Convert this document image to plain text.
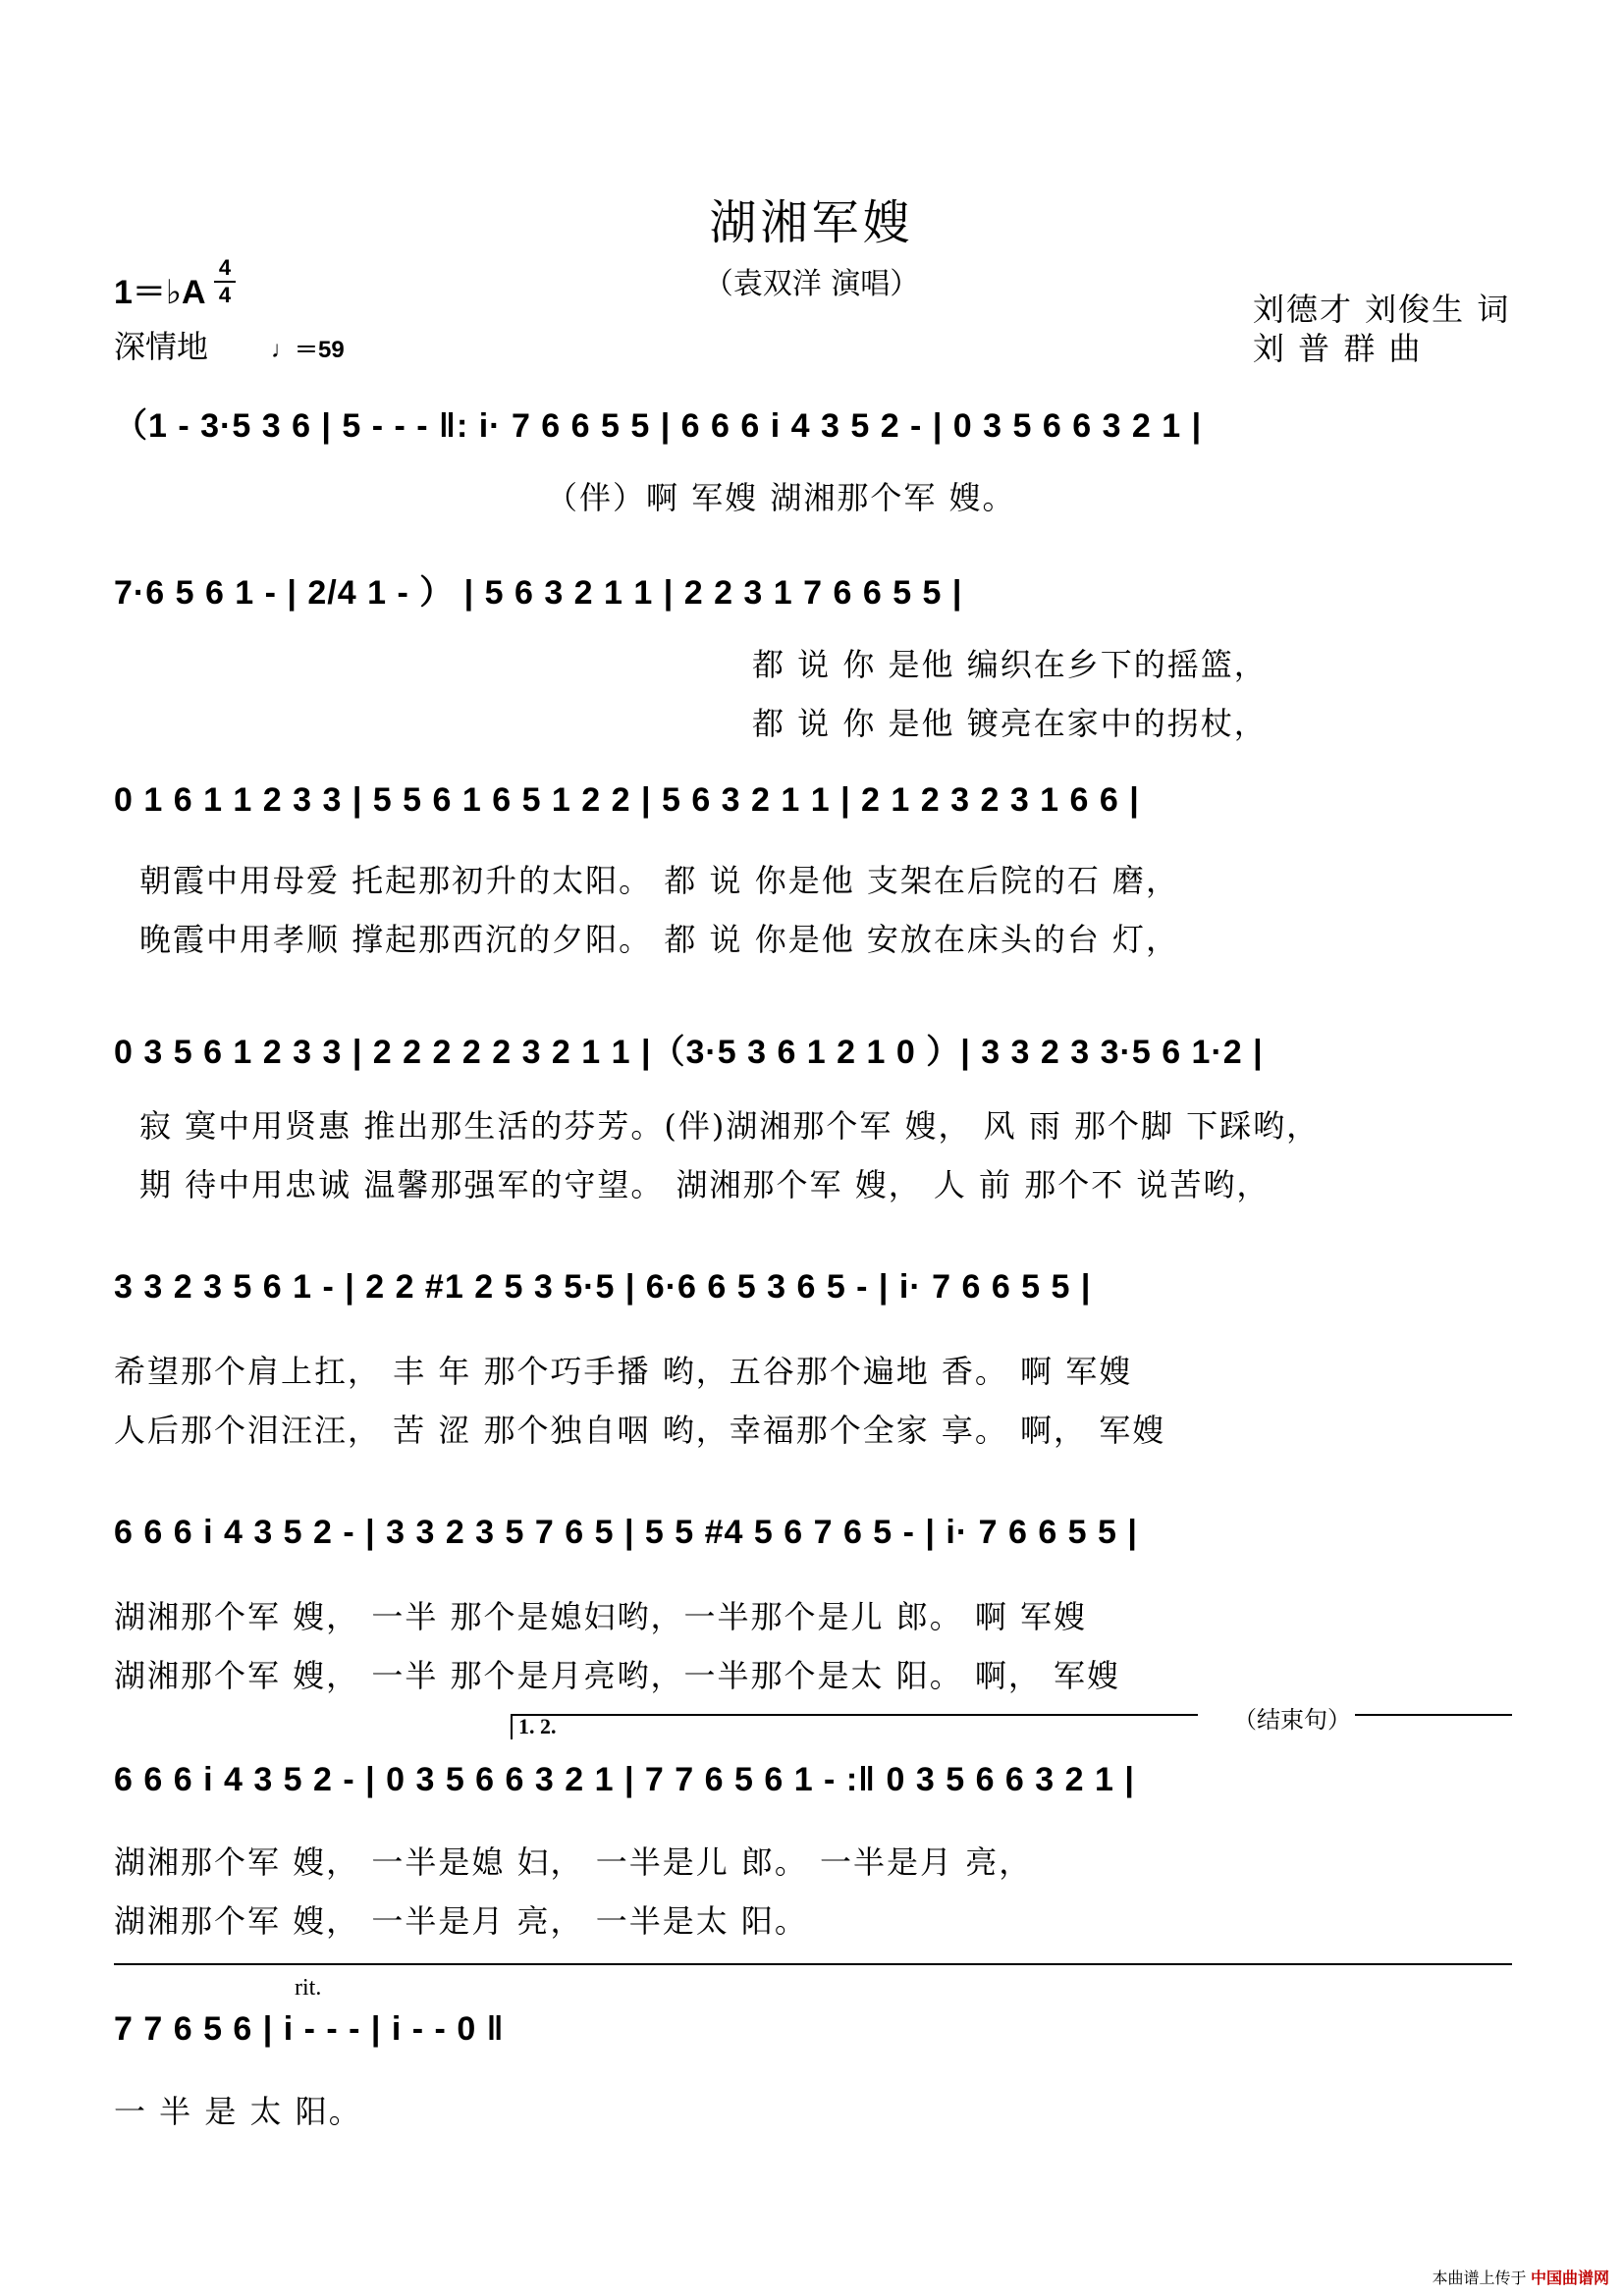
湖湘军嫂
（袁双洋 演唱）
1＝♭A
4
4
深情地	♩＝59
刘德才 刘俊生 词
刘 普 群 曲
（1 - 3·5 3 6 | 5 - - - ‖: i· 7 6 6 5 5 | 6 6 6 i 4 3 5 2 - | 0 3 5 6 6 3 2 1 |
（伴）啊 军嫂 湖湘那个军 嫂。
7·6 5 6 1 - | 2/4 1 - ） | 5 6 3 2 1 1 | 2 2 3 1 7 6 6 5 5 |
都 说 你 是他 编织在乡下的摇篮，
都 说 你 是他 镀亮在家中的拐杖，
0 1 6 1 1 2 3 3 | 5 5 6 1 6 5 1 2 2 | 5 6 3 2 1 1 | 2 1 2 3 2 3 1 6 6 |
朝霞中用母爱 托起那初升的太阳。 都 说 你是他 支架在后院的石 磨，
晚霞中用孝顺 撑起那西沉的夕阳。 都 说 你是他 安放在床头的台 灯，
0 3 5 6 1 2 3 3 | 2 2 2 2 2 3 2 1 1 |（3·5 3 6 1 2 1 0 ）| 3 3 2 3 3·5 6 1·2 |
寂 寞中用贤惠 推出那生活的芬芳。(伴)湖湘那个军 嫂， 风 雨 那个脚 下踩哟，
期 待中用忠诚 温馨那强军的守望。 湖湘那个军 嫂， 人 前 那个不 说苦哟，
3 3 2 3 5 6 1 - | 2 2 #1 2 5 3 5·5 | 6·6 6 5 3 6 5 - | i· 7 6 6 5 5 |
希望那个肩上扛， 丰 年 那个巧手播 哟，五谷那个遍地 香。 啊 军嫂
人后那个泪汪汪， 苦 涩 那个独自咽 哟，幸福那个全家 享。 啊， 军嫂
6 6 6 i 4 3 5 2 - | 3 3 2 3 5 7 6 5 | 5 5 #4 5 6 7 6 5 - | i· 7 6 6 5 5 |
湖湘那个军 嫂， 一半 那个是媳妇哟，一半那个是儿 郎。 啊 军嫂
湖湘那个军 嫂， 一半 那个是月亮哟，一半那个是太 阳。 啊， 军嫂
1. 2.	（结束句）
6 6 6 i 4 3 5 2 - | 0 3 5 6 6 3 2 1 | 7 7 6 5 6 1 - :‖ 0 3 5 6 6 3 2 1 |
湖湘那个军 嫂， 一半是媳 妇， 一半是儿 郎。 一半是月 亮，
湖湘那个军 嫂， 一半是月 亮， 一半是太 阳。
rit.
7 7 6 5 6 | i - - - | i - - 0 ‖
一 半 是 太 阳。
本曲谱上传于 中国曲谱网
